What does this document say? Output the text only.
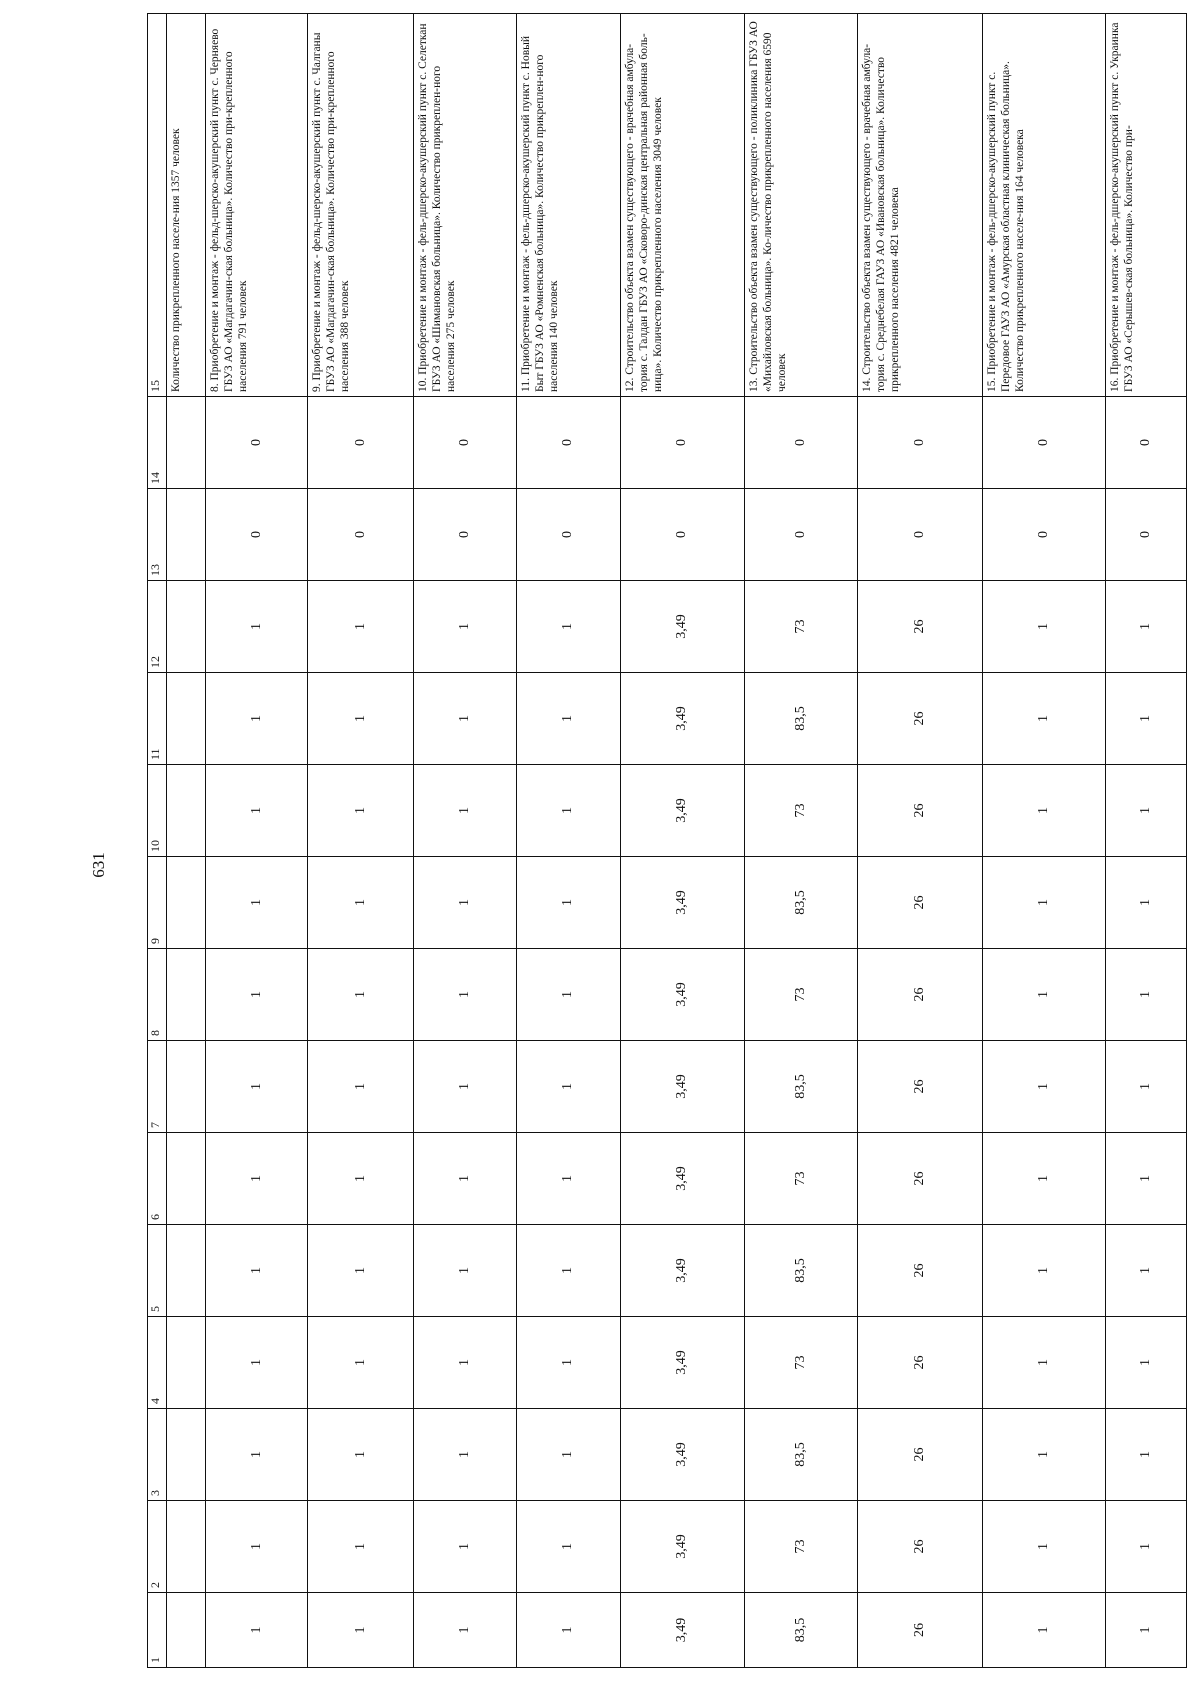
631
1	2	3	4	5	6	7	8	9	10	11	12	13	14	15
														Количество прикрепленного населе-ния 1357 человек
1	1	1	1	1	1	1	1	1	1	1	1	0	0	8. Приобретение и монтаж - фельд-шерско-акушерский пункт с. Черняево ГБУЗ АО «Магдагачин-ская больница». Количество при-крепленного населения 791 человек
1	1	1	1	1	1	1	1	1	1	1	1	0	0	9. Приобретение и монтаж - фельд-шерско-акушерский пункт с. Чалганы ГБУЗ АО «Магдагачин-ская больница». Количество при-крепленного населения 388 человек
1	1	1	1	1	1	1	1	1	1	1	1	0	0	10. Приобретение и монтаж - фель-дшерско-акушерский пункт с. Селеткан ГБУЗ АО «Шимановская больница». Количество прикреплен-ного населения 275 человек
1	1	1	1	1	1	1	1	1	1	1	1	0	0	11. Приобретение и монтаж - фель-дшерско-акушерский пункт с. Новый Быт ГБУЗ АО «Ромненская больница». Количество прикреплен-ного населения 140 человек
3,49	3,49	3,49	3,49	3,49	3,49	3,49	3,49	3,49	3,49	3,49	3,49	0	0	12. Строительство объекта взамен существующего - врачебная амбула-тория с. Талдан ГБУЗ АО «Сковоро-динская центральная районная боль-ница». Количество прикрепленного населения 3049 человек
83,5	73	83,5	73	83,5	73	83,5	73	83,5	73	83,5	73	0	0	13. Строительство объекта взамен существующего - поликлиника ГБУЗ АО «Михайловская больница». Ко-личество прикрепленного населения 6590 человек
26	26	26	26	26	26	26	26	26	26	26	26	0	0	14. Строительство объекта взамен существующего - врачебная амбула-тория с. Среднебелая ГАУЗ АО «Ивановская больница». Количество прикрепленного населения 4821 человека
1	1	1	1	1	1	1	1	1	1	1	1	0	0	15. Приобретение и монтаж - фель-дшерско-акушерский пункт с. Передовое ГАУЗ АО «Амурская областная клиническая больница». Количество прикрепленного населе-ния 164 человека
1	1	1	1	1	1	1	1	1	1	1	1	0	0	16. Приобретение и монтаж - фель-дшерско-акушерский пункт с. Украинка ГБУЗ АО «Серышев-ская больница». Количество при-
